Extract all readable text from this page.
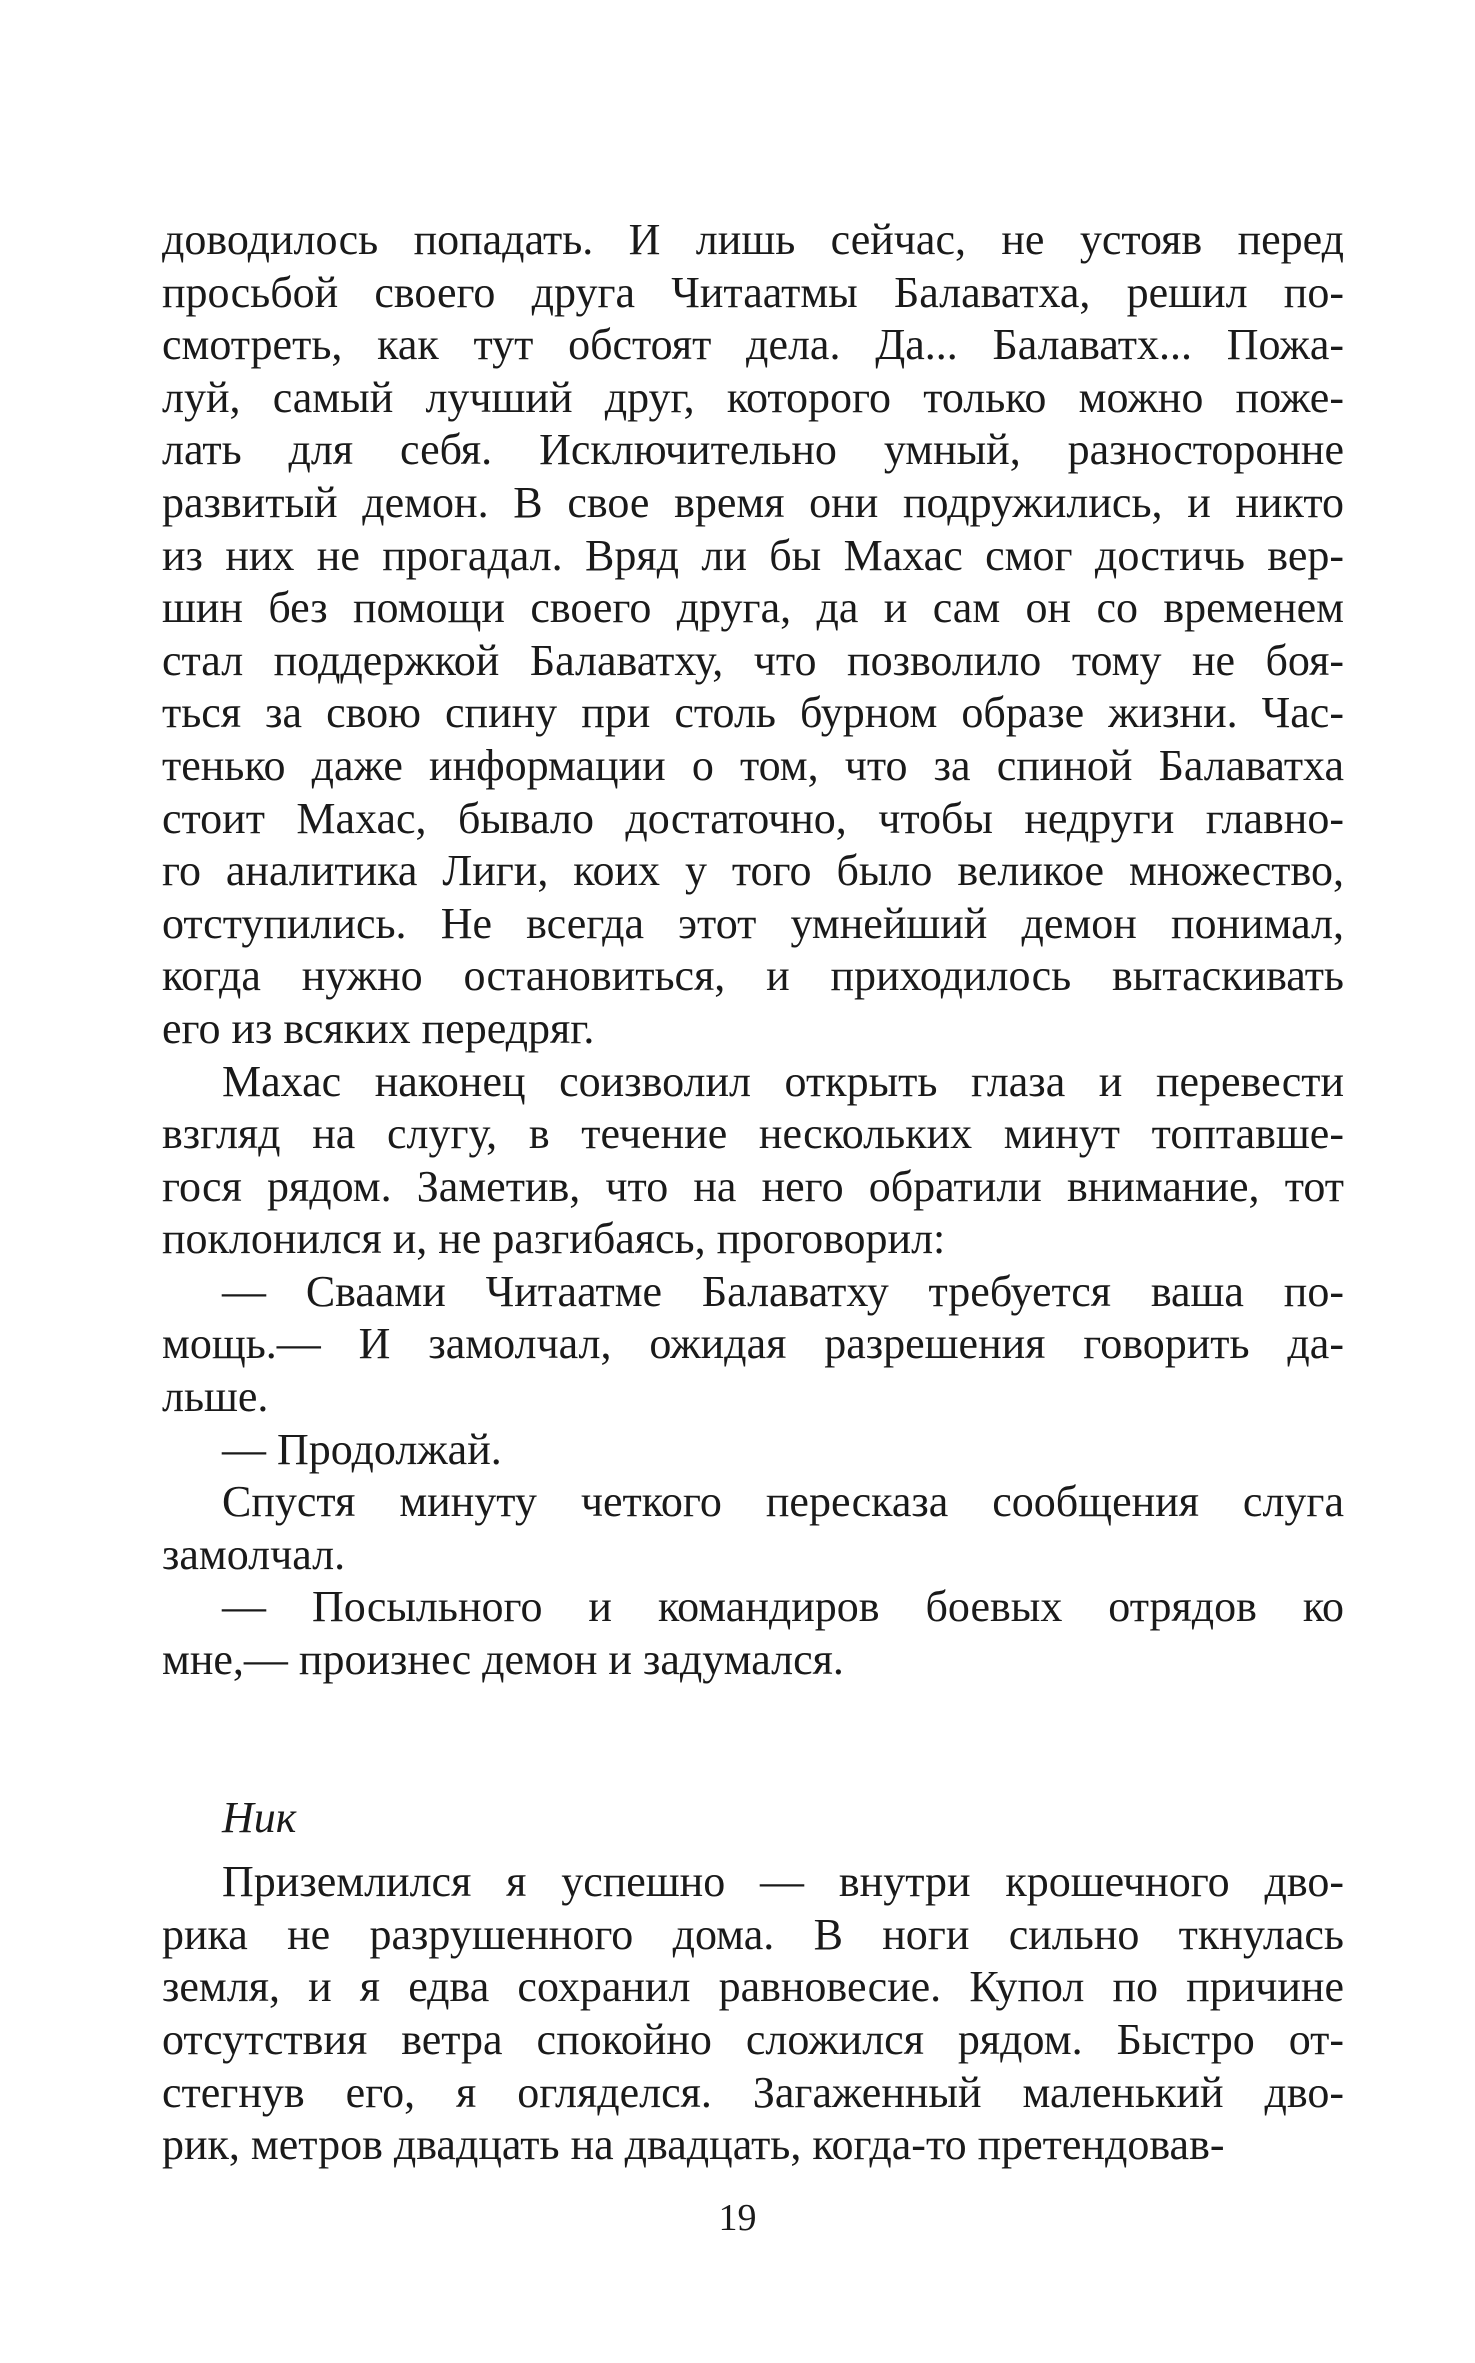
доводилось попадать. И лишь сейчас, не устояв перед
просьбой своего друга Читаатмы Балаватха, решил по-
смотреть, как тут обстоят дела. Да... Балаватх... Пожа-
луй, самый лучший друг, которого только можно поже-
лать для себя. Исключительно умный, разносторонне
развитый демон. В свое время они подружились, и никто
из них не прогадал. Вряд ли бы Махас смог достичь вер-
шин без помощи своего друга, да и сам он со временем
стал поддержкой Балаватху, что позволило тому не боя-
ться за свою спину при столь бурном образе жизни. Час-
тенько даже информации о том, что за спиной Балаватха
стоит Махас, бывало достаточно, чтобы недруги главно-
го аналитика Лиги, коих у того было великое множество,
отступились. Не всегда этот умнейший демон понимал,
когда нужно остановиться, и приходилось вытаскивать
его из всяких передряг.
Махас наконец соизволил открыть глаза и перевести
взгляд на слугу, в течение нескольких минут топтавше-
гося рядом. Заметив, что на него обратили внимание, тот
поклонился и, не разгибаясь, проговорил:
— Сваами Читаатме Балаватху требуется ваша по-
мощь.— И замолчал, ожидая разрешения говорить да-
льше.
— Продолжай.
Спустя минуту четкого пересказа сообщения слуга
замолчал.
— Посыльного и командиров боевых отрядов ко
мне,— произнес демон и задумался.
Ник
Приземлился я успешно — внутри крошечного дво-
рика не разрушенного дома. В ноги сильно ткнулась
земля, и я едва сохранил равновесие. Купол по причине
отсутствия ветра спокойно сложился рядом. Быстро от-
стегнув его, я огляделся. Загаженный маленький дво-
рик, метров двадцать на двадцать, когда-то претендовав-
19
